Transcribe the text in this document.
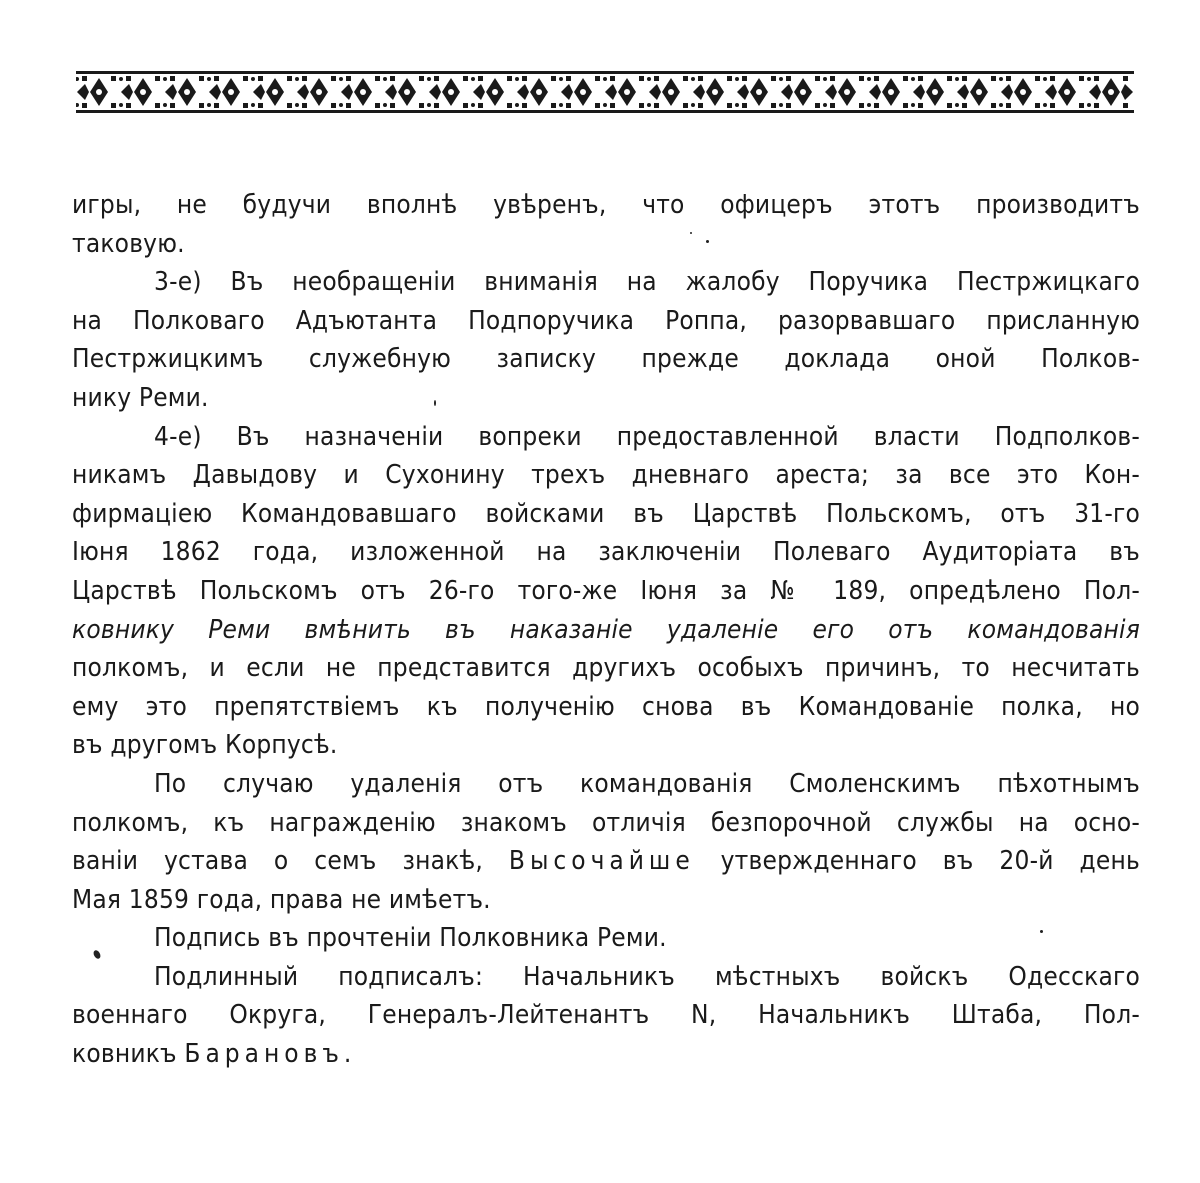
игры, не будучи вполнѣ увѣренъ, что офицеръ этотъ производитъ
таковую.
3-е) Въ необращенiи вниманiя на жалобу Поручика Пестржицкаго
на Полковаго Адъютанта Подпоручика Роппа, разорвавшаго присланную
Пестржицкимъ служебную записку прежде доклада оной Полков-
нику Реми.
4-е) Въ назначенiи вопреки предоставленной власти Подполков-
никамъ Давыдову и Сухонину трехъ дневнаго ареста; за все это Кон-
фирмацiею Командовавшаго войсками въ Царствѣ Польскомъ, отъ 31-го
Iюня 1862 года, изложенной на заключенiи Полеваго Аудиторiата въ
Царствѣ Польскомъ отъ 26-го того-же Iюня за № 189, опредѣлено Пол-
ковнику Реми вмѣнить въ наказанiе удаленiе его отъ командованiя
полкомъ, и если не представится другихъ особыхъ причинъ, то несчитать
ему это препятствiемъ къ полученiю снова въ Командованiе полка, но
въ другомъ Корпусѣ.
По случаю удаленiя отъ командованiя Смоленскимъ пѣхотнымъ
полкомъ, къ награжденiю знакомъ отличiя безпорочной службы на осно-
ванiи устава о семъ знакѣ, Высочайше утвержденнаго въ 20-й день
Мая 1859 года, права не имѣетъ.
Подпись въ прочтенiи Полковника Реми.
Подлинный подписалъ: Начальникъ мѣстныхъ войскъ Одесскаго
военнаго Округа, Генералъ-Лейтенантъ N, Начальникъ Штаба, Пол-
ковникъ Барановъ.
